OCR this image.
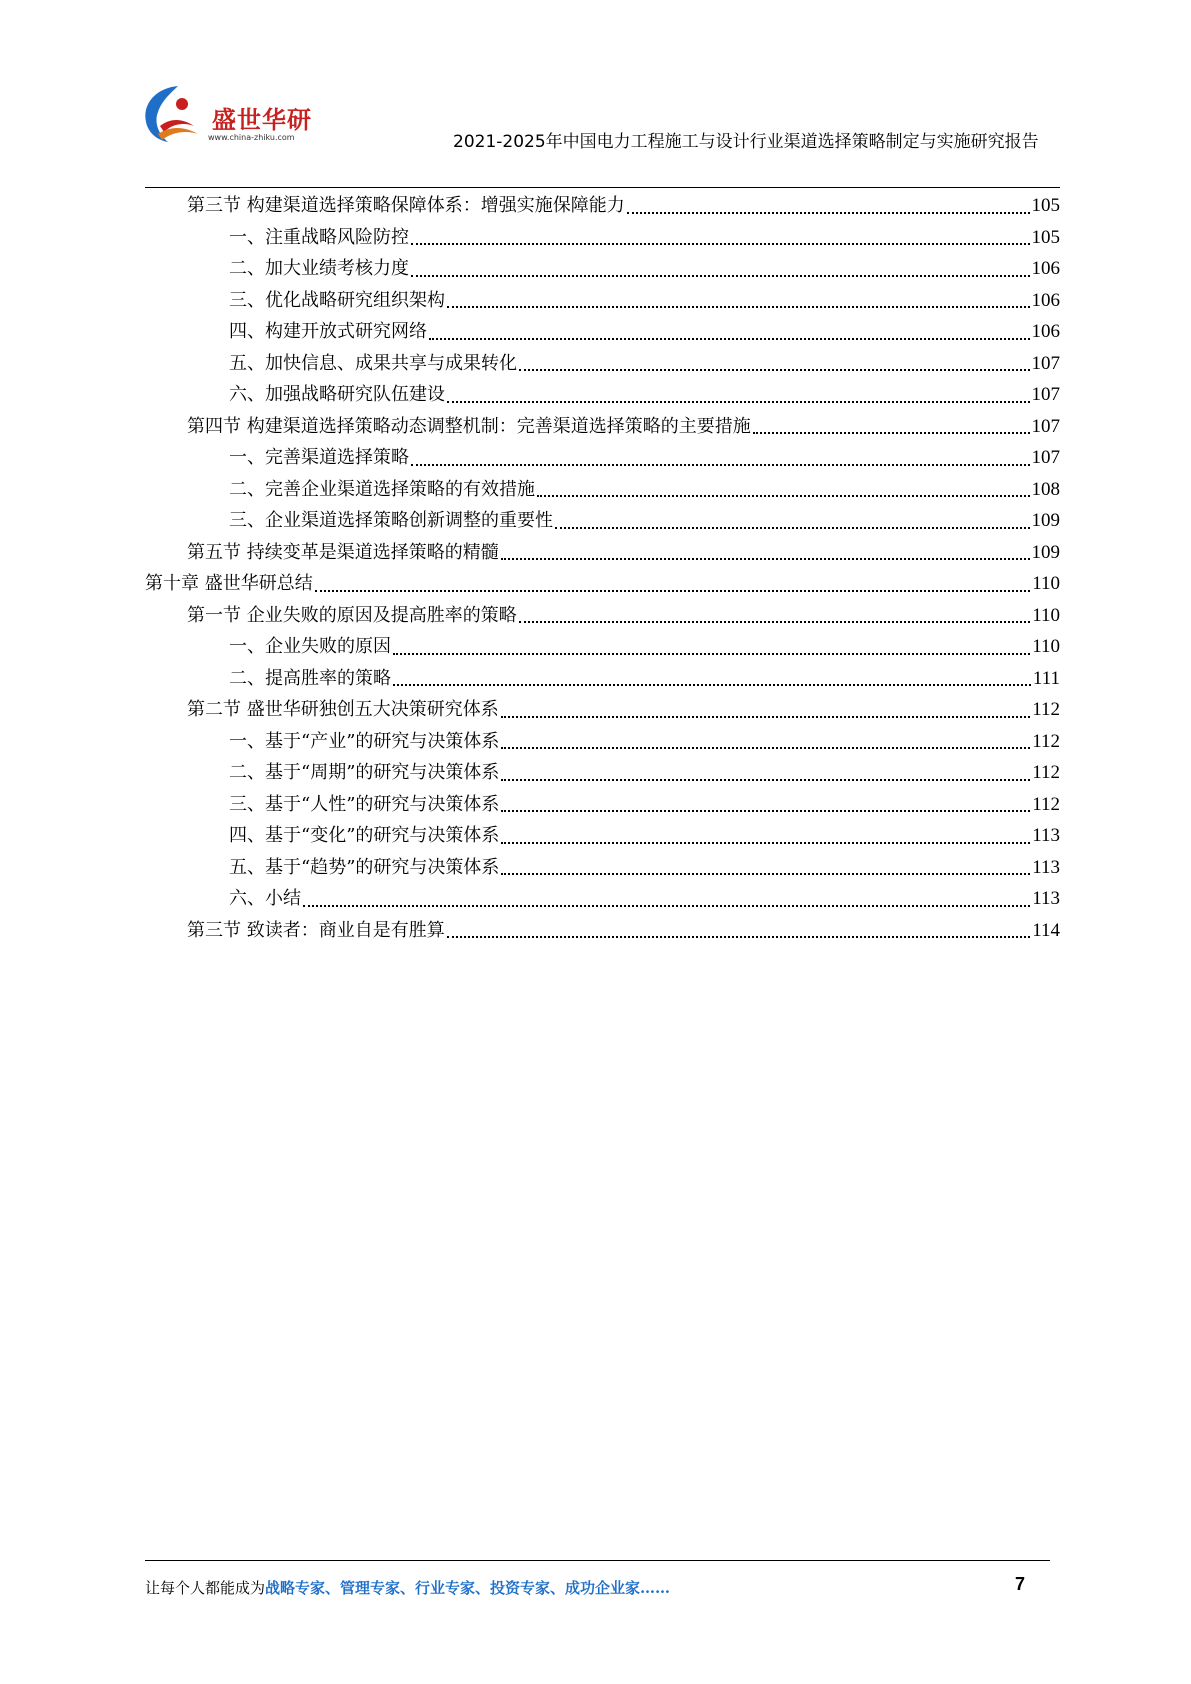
盛世华研
www.china-zhiku.com	2021-2025年中国电力工程施工与设计行业渠道选择策略制定与实施研究报告
第三节 构建渠道选择策略保障体系：增强实施保障能力	105
一、注重战略风险防控	105
二、加大业绩考核力度	106
三、优化战略研究组织架构	106
四、构建开放式研究网络	106
五、加快信息、成果共享与成果转化	107
六、加强战略研究队伍建设	107
第四节 构建渠道选择策略动态调整机制：完善渠道选择策略的主要措施	107
一、完善渠道选择策略	107
二、完善企业渠道选择策略的有效措施	108
三、企业渠道选择策略创新调整的重要性	109
第五节 持续变革是渠道选择策略的精髓	109
第十章 盛世华研总结	110
第一节 企业失败的原因及提高胜率的策略	110
一、企业失败的原因	110
二、提高胜率的策略	111
第二节 盛世华研独创五大决策研究体系	112
一、基于“产业”的研究与决策体系	112
二、基于“周期”的研究与决策体系	112
三、基于“人性”的研究与决策体系	112
四、基于“变化”的研究与决策体系	113
五、基于“趋势”的研究与决策体系	113
六、小结	113
第三节 致读者：商业自是有胜算	114
让每个人都能成为战略专家、管理专家、行业专家、投资专家、成功企业家……	7
